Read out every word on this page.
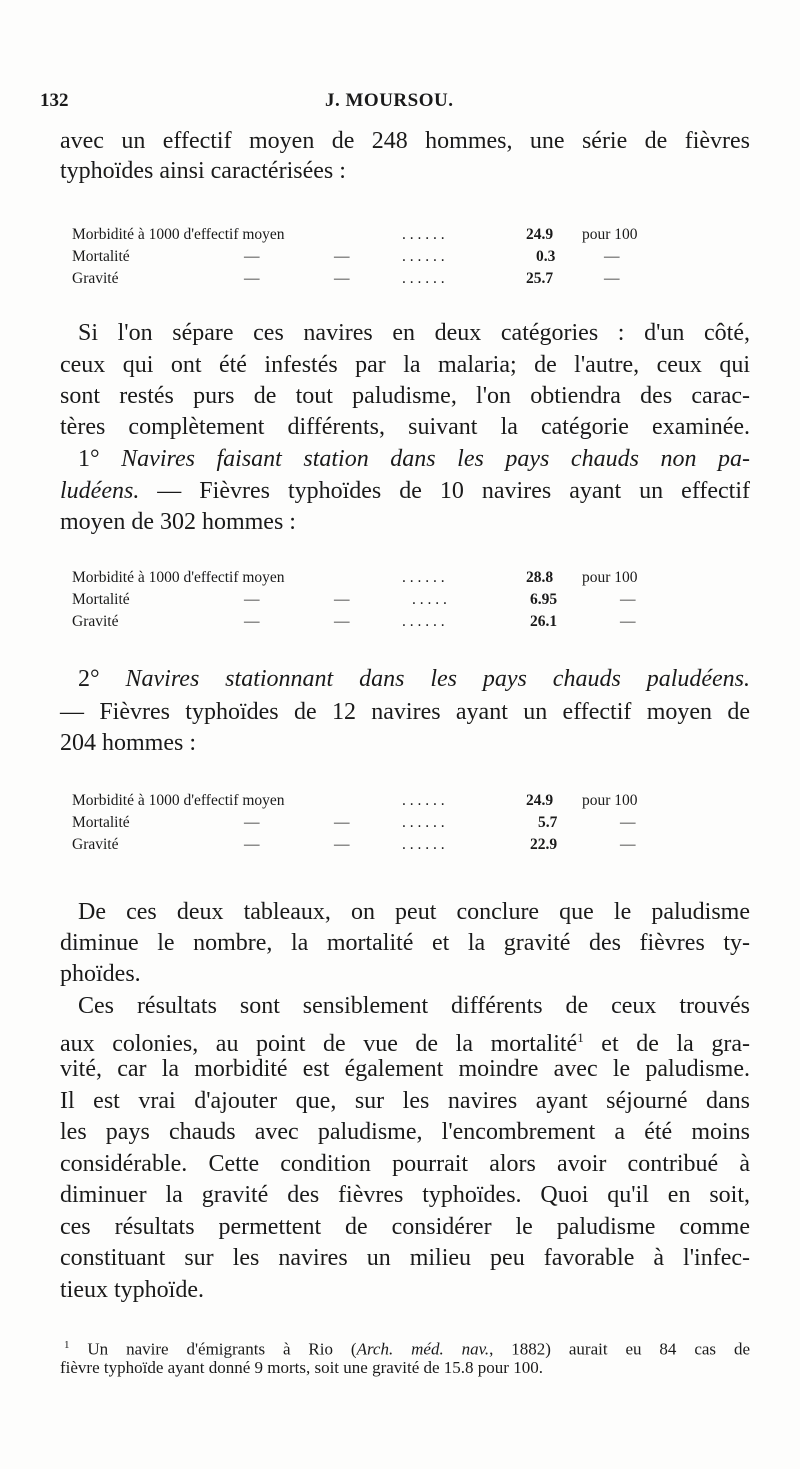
132	J. MOURSOU.
avec un effectif moyen de 248 hommes, une série de fièvres
typhoïdes ainsi caractérisées :
Morbidité à 1000 d'effectif moyen	. . . . . .	24.9 pour 100
Mortalité	—	—	. . . . . .	0.3	—
Gravité	—	—	. . . . . .	25.7	—
Si l'on sépare ces navires en deux catégories : d'un côté,
ceux qui ont été infestés par la malaria; de l'autre, ceux qui
sont restés purs de tout paludisme, l'on obtiendra des carac-
tères complètement différents, suivant la catégorie examinée.
1° Navires faisant station dans les pays chauds non pa-
ludéens. — Fièvres typhoïdes de 10 navires ayant un effectif
moyen de 302 hommes :
Morbidité à 1000 d'effectif moyen	. . . . . .	28.8 pour 100
Mortalité	—	—	. . . . .	6.95	—
Gravité	—	—	. . . . . .	26.1	—
2° Navires stationnant dans les pays chauds paludéens.
— Fièvres typhoïdes de 12 navires ayant un effectif moyen de
204 hommes :
Morbidité à 1000 d'effectif moyen	. . . . . .	24.9 pour 100
Mortalité	—	—	. . . . . .	5.7	—
Gravité	—	—	. . . . . .	22.9	—
De ces deux tableaux, on peut conclure que le paludisme
diminue le nombre, la mortalité et la gravité des fièvres ty-
phoïdes.
Ces résultats sont sensiblement différents de ceux trouvés
aux colonies, au point de vue de la mortalité$^1$ et de la gra-
vité, car la morbidité est également moindre avec le paludisme.
Il est vrai d'ajouter que, sur les navires ayant séjourné dans
les pays chauds avec paludisme, l'encombrement a été moins
considérable. Cette condition pourrait alors avoir contribué à
diminuer la gravité des fièvres typhoïdes. Quoi qu'il en soit,
ces résultats permettent de considérer le paludisme comme
constituant sur les navires un milieu peu favorable à l'infec-
tieux typhoïde.
$^1$ Un navire d'émigrants à Rio (Arch. méd. nav., 1882) aurait eu 84 cas de
fièvre typhoïde ayant donné 9 morts, soit une gravité de 15.8 pour 100.
